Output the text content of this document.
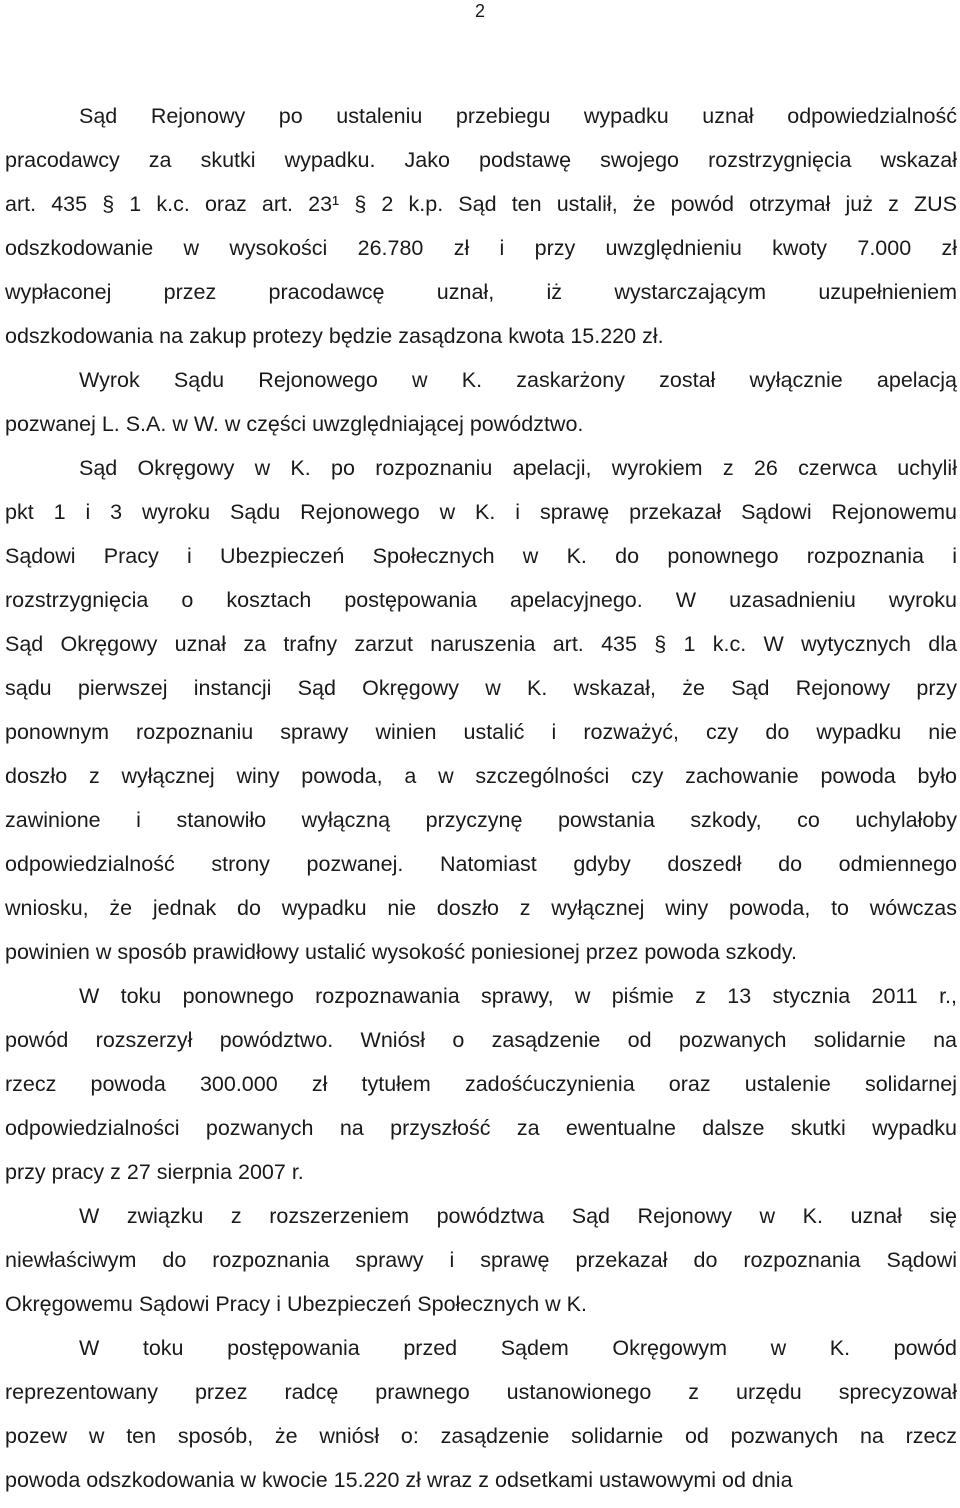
2
Sąd Rejonowy po ustaleniu przebiegu wypadku uznał odpowiedzialność
pracodawcy za skutki wypadku. Jako podstawę swojego rozstrzygnięcia wskazał
art. 435 § 1 k.c. oraz art. 23¹ § 2 k.p. Sąd ten ustalił, że powód otrzymał już z ZUS
odszkodowanie w wysokości 26.780 zł i przy uwzględnieniu kwoty 7.000 zł
wypłaconej przez pracodawcę uznał, iż wystarczającym uzupełnieniem
odszkodowania na zakup protezy będzie zasądzona kwota 15.220 zł.
Wyrok Sądu Rejonowego w K. zaskarżony został wyłącznie apelacją
pozwanej L. S.A. w W. w części uwzględniającej powództwo.
Sąd Okręgowy w K. po rozpoznaniu apelacji, wyrokiem z 26 czerwca uchylił
pkt 1 i 3 wyroku Sądu Rejonowego w K. i sprawę przekazał Sądowi Rejonowemu
Sądowi Pracy i Ubezpieczeń Społecznych w K. do ponownego rozpoznania i
rozstrzygnięcia o kosztach postępowania apelacyjnego. W uzasadnieniu wyroku
Sąd Okręgowy uznał za trafny zarzut naruszenia art. 435 § 1 k.c. W wytycznych dla
sądu pierwszej instancji Sąd Okręgowy w K. wskazał, że Sąd Rejonowy przy
ponownym rozpoznaniu sprawy winien ustalić i rozważyć, czy do wypadku nie
doszło z wyłącznej winy powoda, a w szczególności czy zachowanie powoda było
zawinione i stanowiło wyłączną przyczynę powstania szkody, co uchylałoby
odpowiedzialność strony pozwanej. Natomiast gdyby doszedł do odmiennego
wniosku, że jednak do wypadku nie doszło z wyłącznej winy powoda, to wówczas
powinien w sposób prawidłowy ustalić wysokość poniesionej przez powoda szkody.
W toku ponownego rozpoznawania sprawy, w piśmie z 13 stycznia 2011 r.,
powód rozszerzył powództwo. Wniósł o zasądzenie od pozwanych solidarnie na
rzecz powoda 300.000 zł tytułem zadośćuczynienia oraz ustalenie solidarnej
odpowiedzialności pozwanych na przyszłość za ewentualne dalsze skutki wypadku
przy pracy z 27 sierpnia 2007 r.
W związku z rozszerzeniem powództwa Sąd Rejonowy w K. uznał się
niewłaściwym do rozpoznania sprawy i sprawę przekazał do rozpoznania Sądowi
Okręgowemu Sądowi Pracy i Ubezpieczeń Społecznych w K.
W toku postępowania przed Sądem Okręgowym w K. powód
reprezentowany przez radcę prawnego ustanowionego z urzędu sprecyzował
pozew w ten sposób, że wniósł o: zasądzenie solidarnie od pozwanych na rzecz
powoda odszkodowania w kwocie 15.220 zł wraz z odsetkami ustawowymi od dnia
